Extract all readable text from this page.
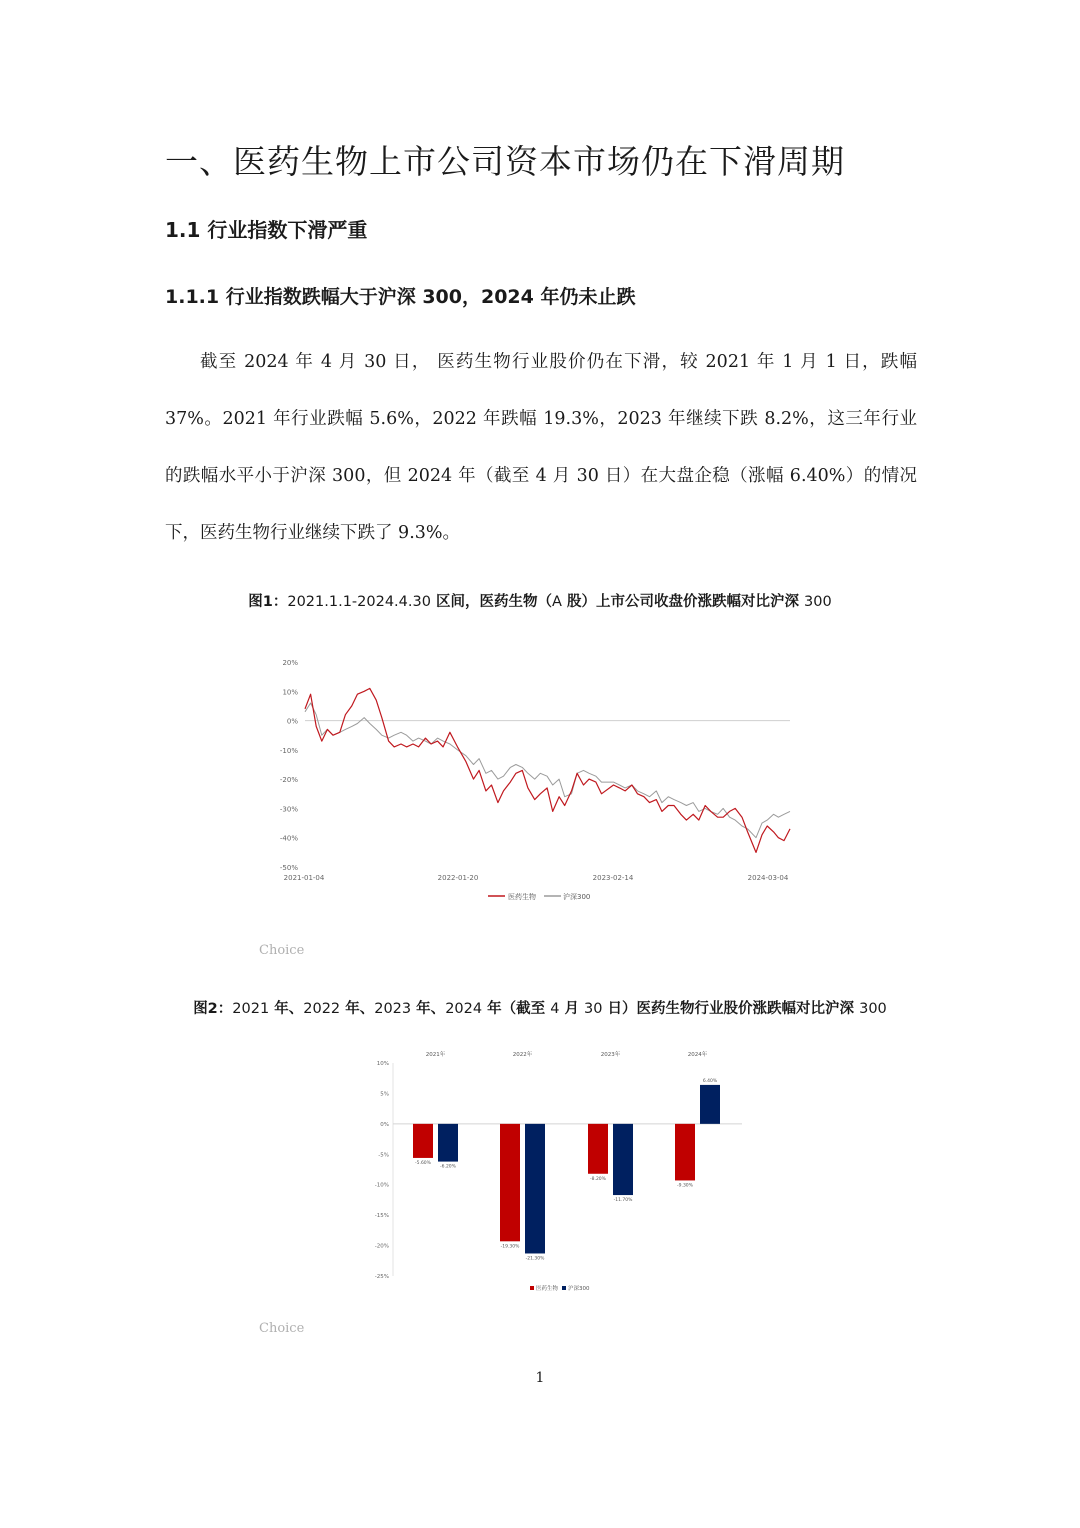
一、医药生物上市公司资本市场仍在下滑周期
1.1 行业指数下滑严重
1.1.1 行业指数跌幅大于沪深 300，2024 年仍未止跌

截至 2024 年 4 月 30 日， 医药生物行业股价仍在下滑，较 2021 年 1 月 1 日，跌幅 37%。2021 年行业跌幅 5.6%，2022 年跌幅 19.3%，2023 年继续下跌 8.2%，这三年行业的跌幅水平小于沪深 300，但 2024 年（截至 4 月 30 日）在大盘企稳（涨幅 6.40%）的情况下，医药生物行业继续下跌了 9.3%。

图1：2021.1.1-2024.4.30 区间，医药生物（A 股）上市公司收盘价涨跌幅对比沪深 300

20%
10%
0%
-10%
-20%
-30%
-40%
-50%
2021-01-04	2022-01-20	2023-02-14	2024-03-04
医药生物	沪深300
Choice

图2：2021 年、2022 年、2023 年、2024 年（截至 4 月 30 日）医药生物行业股价涨跌幅对比沪深 300

10%
5%
0%
-5%
-10%
-15%
-20%
-25%
2021年
-5.60%
-6.20%
2022年
-19.30%
-21.30%
2023年
-8.20%
-11.70%
2024年
-9.30%
6.40%
医药生物 沪深300
Choice
1
